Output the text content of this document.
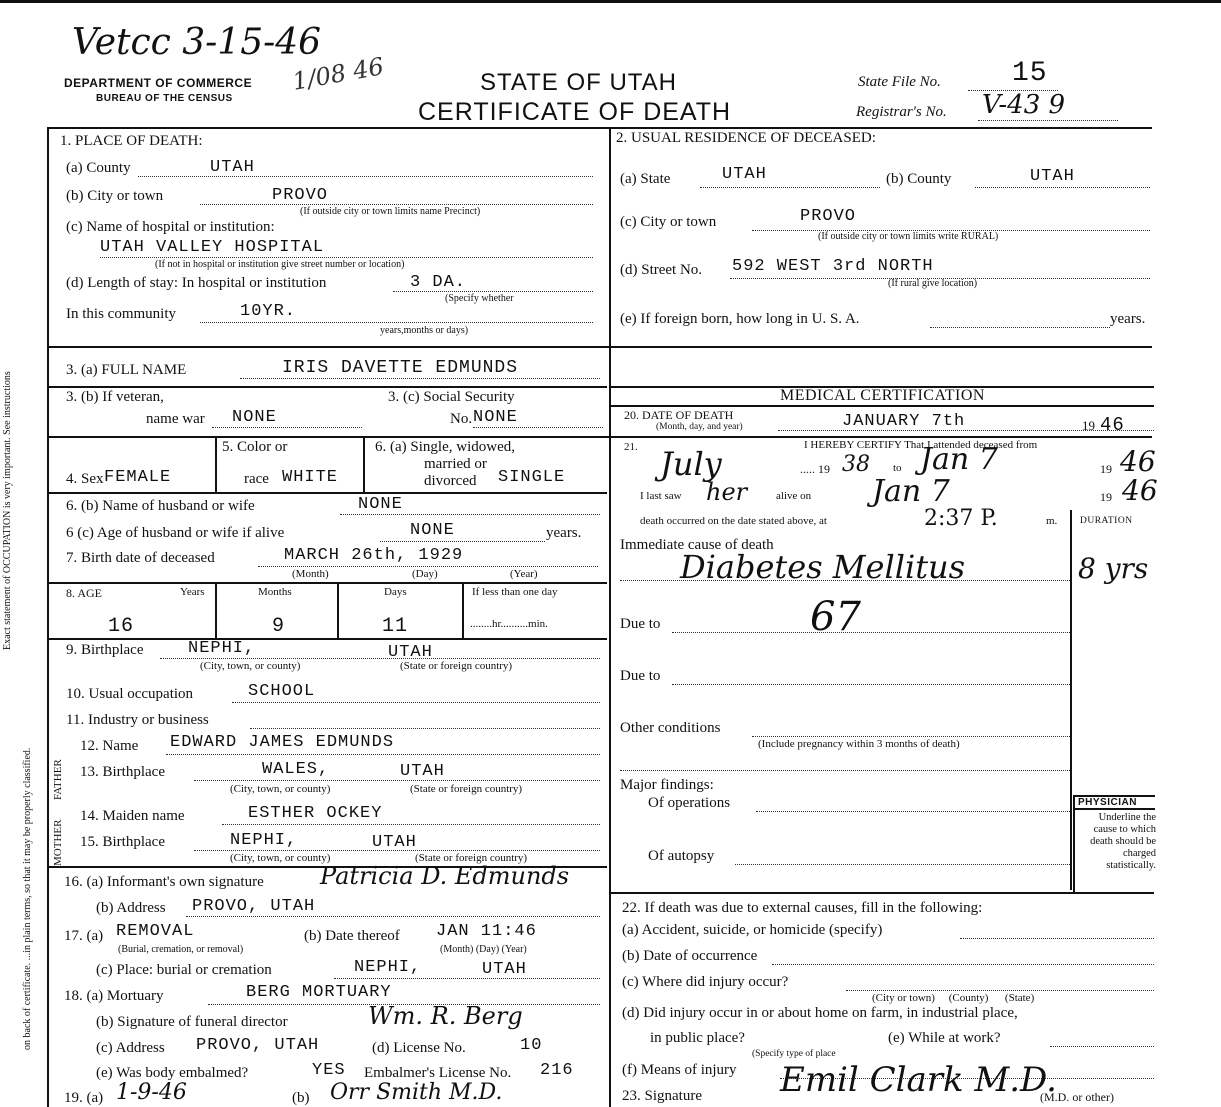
Exact statement of OCCUPATION is very important. See instructions
on back of certificate. ...in plain terms, so that it may be properly classified.
Vetcc 3-15-46
1/08 46
DEPARTMENT OF COMMERCE
BUREAU OF THE CENSUS
STATE OF UTAH
CERTIFICATE OF DEATH
State File No.	15
Registrar's No. V-43 9
1. PLACE OF DEATH:
(a) County	UTAH
(b) City or town	PROVO
(If outside city or town limits name Precinct)
(c) Name of hospital or institution:
UTAH VALLEY HOSPITAL
(If not in hospital or institution give street number or location)
(d) Length of stay: In hospital or institution	3 DA.
(Specify whether
In this community	10YR.
years,months or days)
2. USUAL RESIDENCE OF DECEASED:
(a) State	UTAH	(b) County	UTAH
(c) City or town	PROVO
(If outside city or town limits write RURAL)
(d) Street No. 592 WEST 3rd NORTH
(If rural give location)
(e) If foreign born, how long in U. S. A.	years.
3. (a) FULL NAME	IRIS DAVETTE EDMUNDS
3. (b) If veteran,
name war NONE
3. (c) Social Security
No. NONE
4. Sex FEMALE
5. Color or
race WHITE
6. (a) Single, widowed,
married or
divorced SINGLE
6. (b) Name of husband or wife	NONE
6 (c) Age of husband or wife if alive	NONE	years.
7. Birth date of deceased	MARCH 26th, 1929
(Month)	(Day)	(Year)
8. AGE	Years	Months	Days	If less than one day
16	9	11	........hr..........min.
9. Birthplace	NEPHI,	UTAH
(City, town, or county)	(State or foreign country)
10. Usual occupation	SCHOOL
11. Industry or business
FATHER
MOTHER
12. Name EDWARD JAMES EDMUNDS
13. Birthplace	WALES,	UTAH
(City, town, or county)	(State or foreign country)
14. Maiden name	ESTHER OCKEY
15. Birthplace	NEPHI,	UTAH
(City, town, or county)	(State or foreign country)
16. (a) Informant's own signature Patricia D. Edmunds
(b) Address PROVO, UTAH
17. (a) REMOVAL
(Burial, cremation, or removal)
(b) Date thereof JAN 11:46
(Month) (Day) (Year)
(c) Place: burial or cremation	NEPHI,	UTAH
18. (a) Mortuary	BERG MORTUARY
(b) Signature of funeral director	Wm. R. Berg
(c) Address PROVO, UTAH	(d) License No.	10
(e) Was body embalmed?	YES Embalmer's License No. 216
19. (a) 1-9-46	(b) Orr Smith M.D.
MEDICAL CERTIFICATION
20. DATE OF DEATH
(Month, day, and year)	JANUARY 7th	19 46
21.	I HEREBY CERTIFY That I attended deceased from
July	..... 19 38 to Jan 7	19 46
I last saw her	alive on Jan 7	19 46
death occurred on the date stated above, at	2:37 P.	m. DURATION
Immediate cause of death
Diabetes Mellitus	8 yrs
Due to	67
Due to
Other conditions
(Include pregnancy within 3 months of death)
Major findings:
Of operations
Of autopsy
PHYSICIAN
Underline the cause to which death should be charged statistically.
22. If death was due to external causes, fill in the following:
(a) Accident, suicide, or homicide (specify)
(b) Date of occurrence
(c) Where did injury occur?
(City or town)     (County)      (State)
(d) Did injury occur in or about home on farm, in industrial place,
in public place?	(e) While at work?
(Specify type of place
(f) Means of injury
23. Signature Emil Clark M.D.
(M.D. or other)
